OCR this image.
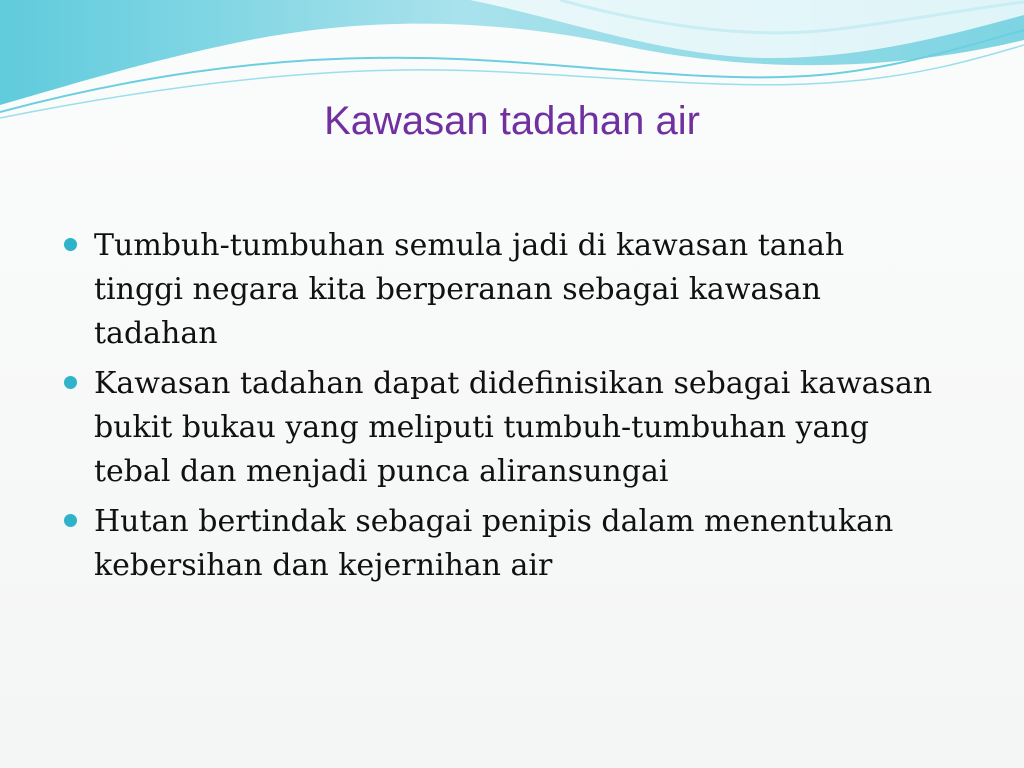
Kawasan tadahan air
Tumbuh-tumbuhan semula jadi di kawasan tanah
tinggi negara kita berperanan sebagai kawasan
tadahan
Kawasan tadahan dapat didefinisikan sebagai kawasan
bukit bukau yang meliputi tumbuh-tumbuhan yang
tebal dan menjadi punca aliransungai
Hutan bertindak sebagai penipis dalam menentukan
kebersihan dan kejernihan air
